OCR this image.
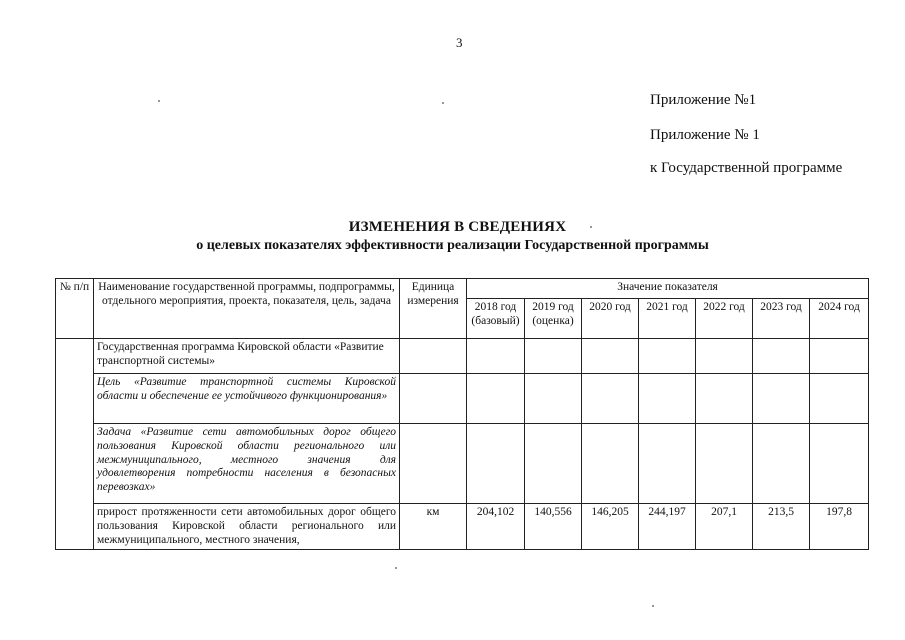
3
Приложение №1
Приложение № 1
к Государственной программе
ИЗМЕНЕНИЯ В СВЕДЕНИЯХ
о целевых показателях эффективности реализации Государственной программы
№ п/п	Наименование государственной программы, подпрограммы, отдельного мероприятия, проекта, показателя, цель, задача	Единица измерения	Значение показателя						
			2018 год (базовый)	2019 год (оценка)	2020 год	2021 год	2022 год	2023 год	2024 год
	Государственная программа Кировской области «Развитие транспортной системы»								
	Цель «Развитие транспортной системы Кировской области и обеспечение ее устойчивого функционирования»								
	Задача «Развитие сети автомобильных дорог общего пользования Кировской области регионального или межмуниципального, местного значения для удовлетворения потребности населения в безопасных перевозках»								
	прирост протяженности сети автомобильных дорог общего пользования Кировской области регионального или межмуниципального, местного значения,	км	204,102	140,556	146,205	244,197	207,1	213,5	197,8
